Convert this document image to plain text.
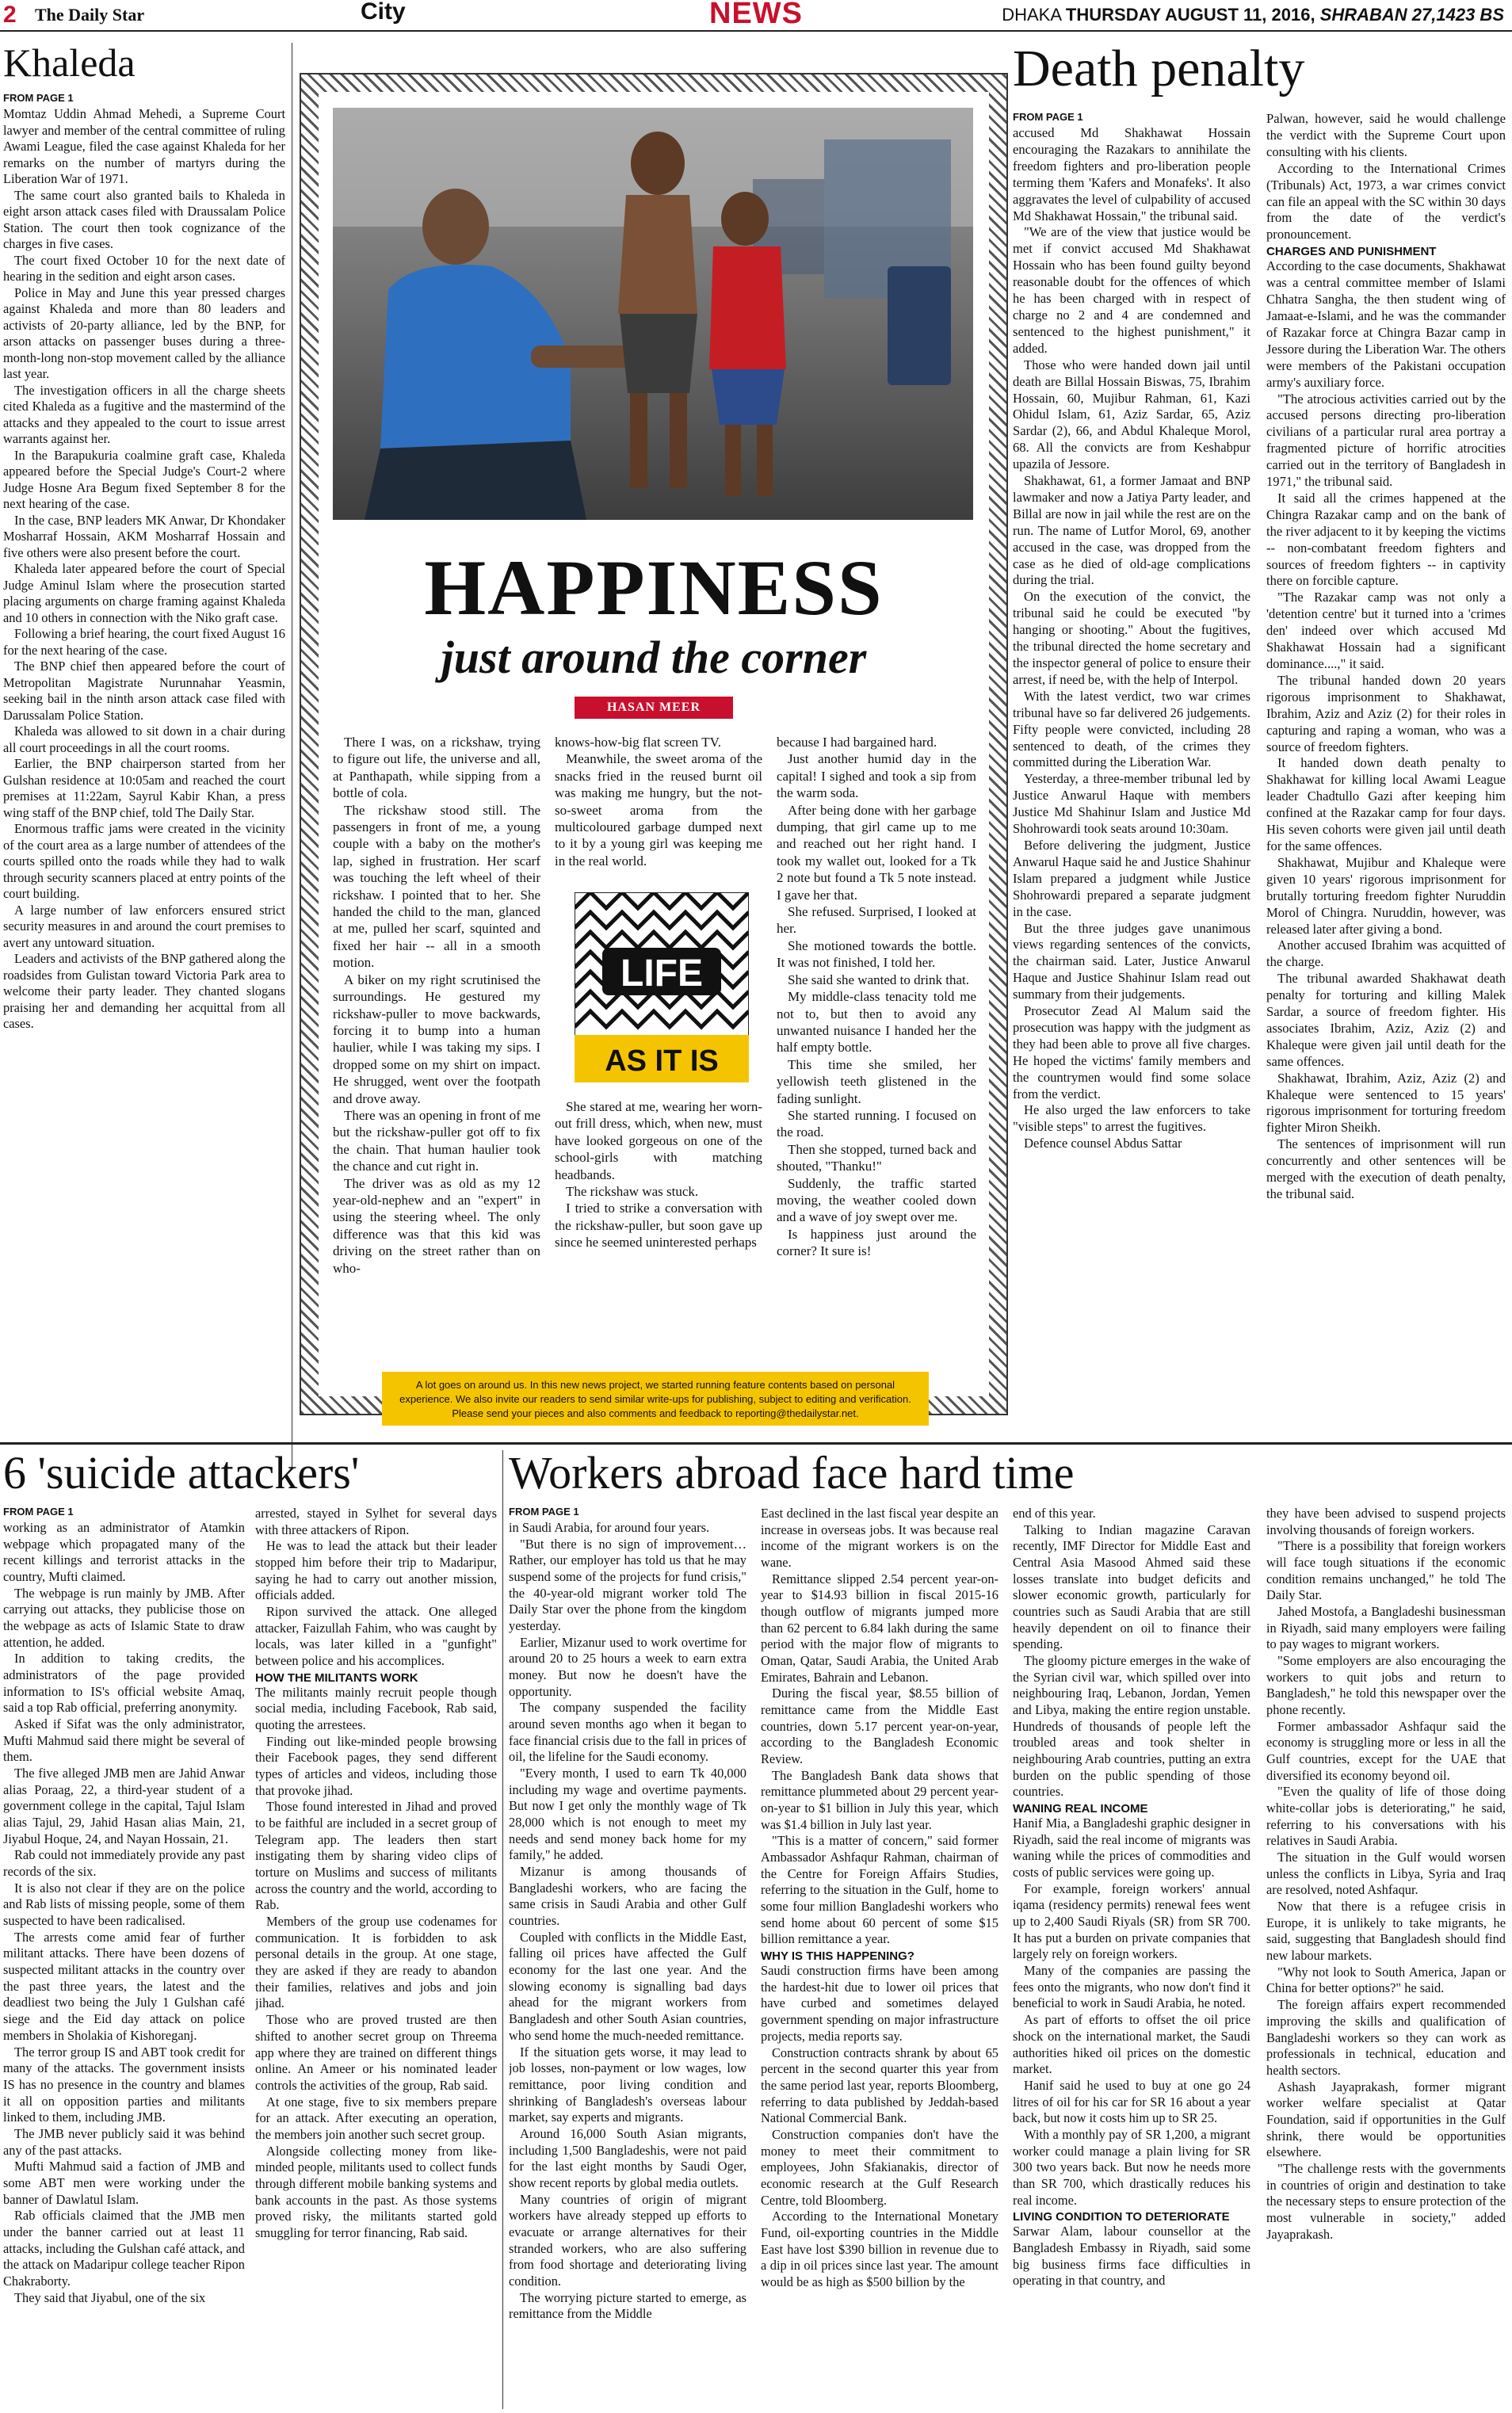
2 The Daily Star	City	NEWS	DHAKA THURSDAY AUGUST 11, 2016, SHRABAN 27,1423 BS
Khaleda
FROM PAGE 1

Momtaz Uddin Ahmad Mehedi, a Supreme Court lawyer and member of the central committee of ruling Awami League, filed the case against Khaleda for her remarks on the number of martyrs during the Liberation War of 1971.

The same court also granted bails to Khaleda in eight arson attack cases filed with Draussalam Police Station. The court then took cognizance of the charges in five cases.

The court fixed October 10 for the next date of hearing in the sedition and eight arson cases.

Police in May and June this year pressed charges against Khaleda and more than 80 leaders and activists of 20-party alliance, led by the BNP, for arson attacks on passenger buses during a three-month-long non-stop movement called by the alliance last year.

The investigation officers in all the charge sheets cited Khaleda as a fugitive and the mastermind of the attacks and they appealed to the court to issue arrest warrants against her.

In the Barapukuria coalmine graft case, Khaleda appeared before the Special Judge's Court-2 where Judge Hosne Ara Begum fixed September 8 for the next hearing of the case.

In the case, BNP leaders MK Anwar, Dr Khondaker Mosharraf Hossain, AKM Mosharraf Hossain and five others were also present before the court.

Khaleda later appeared before the court of Special Judge Aminul Islam where the prosecution started placing arguments on charge framing against Khaleda and 10 others in connection with the Niko graft case.

Following a brief hearing, the court fixed August 16 for the next hearing of the case.

The BNP chief then appeared before the court of Metropolitan Magistrate Nurunnahar Yeasmin, seeking bail in the ninth arson attack case filed with Darussalam Police Station.

Khaleda was allowed to sit down in a chair during all court proceedings in all the court rooms.

Earlier, the BNP chairperson started from her Gulshan residence at 10:05am and reached the court premises at 11:22am, Sayrul Kabir Khan, a press wing staff of the BNP chief, told The Daily Star.

Enormous traffic jams were created in the vicinity of the court area as a large number of attendees of the courts spilled onto the roads while they had to walk through security scanners placed at entry points of the court building.

A large number of law enforcers ensured strict security measures in and around the court premises to avert any untoward situation.

Leaders and activists of the BNP gathered along the roadsides from Gulistan toward Victoria Park area to welcome their party leader. They chanted slogans praising her and demanding her acquittal from all cases.

HAPPINESS
just around the corner
HASAN MEER

There I was, on a rickshaw, trying to figure out life, the universe and all, at Panthapath, while sipping from a bottle of cola.

The rickshaw stood still. The passengers in front of me, a young couple with a baby on the mother's lap, sighed in frustration. Her scarf was touching the left wheel of their rickshaw. I pointed that to her. She handed the child to the man, glanced at me, pulled her scarf, squinted and fixed her hair -- all in a smooth motion.

A biker on my right scrutinised the surroundings. He gestured my rickshaw-puller to move backwards, forcing it to bump into a human haulier, while I was taking my sips. I dropped some on my shirt on impact. He shrugged, went over the footpath and drove away.

There was an opening in front of me but the rickshaw-puller got off to fix the chain. That human haulier took the chance and cut right in.

The driver was as old as my 12 year-old-nephew and an "expert" in using the steering wheel. The only difference was that this kid was driving on the street rather than on who-

knows-how-big flat screen TV.

Meanwhile, the sweet aroma of the snacks fried in the reused burnt oil was making me hungry, but the not-so-sweet aroma from the multicoloured garbage dumped next to it by a young girl was keeping me in the real world.

LIFE
AS IT IS

She stared at me, wearing her worn-out frill dress, which, when new, must have looked gorgeous on one of the school-girls with matching headbands.

The rickshaw was stuck.

I tried to strike a conversation with the rickshaw-puller, but soon gave up since he seemed uninterested perhaps

because I had bargained hard.

Just another humid day in the capital! I sighed and took a sip from the warm soda.

After being done with her garbage dumping, that girl came up to me and reached out her right hand. I took my wallet out, looked for a Tk 2 note but found a Tk 5 note instead. I gave her that.

She refused. Surprised, I looked at her.

She motioned towards the bottle. It was not finished, I told her.

She said she wanted to drink that.

My middle-class tenacity told me not to, but then to avoid any unwanted nuisance I handed her the half empty bottle.

This time she smiled, her yellowish teeth glistened in the fading sunlight.

She started running. I focused on the road.

Then she stopped, turned back and shouted, "Thanku!"

Suddenly, the traffic started moving, the weather cooled down and a wave of joy swept over me.

Is happiness just around the corner? It sure is!

A lot goes on around us. In this new news project, we started running feature contents based on personal experience. We also invite our readers to send similar write-ups for publishing, subject to editing and verification. Please send your pieces and also comments and feedback to reporting@thedailystar.net.
Death penalty
FROM PAGE 1

accused Md Shakhawat Hossain encouraging the Razakars to annihilate the freedom fighters and pro-liberation people terming them 'Kafers and Monafeks'. It also aggravates the level of culpability of accused Md Shakhawat Hossain," the tribunal said.

"We are of the view that justice would be met if convict accused Md Shakhawat Hossain who has been found guilty beyond reasonable doubt for the offences of which he has been charged with in respect of charge no 2 and 4 are condemned and sentenced to the highest punishment," it added.

Those who were handed down jail until death are Billal Hossain Biswas, 75, Ibrahim Hossain, 60, Mujibur Rahman, 61, Kazi Ohidul Islam, 61, Aziz Sardar, 65, Aziz Sardar (2), 66, and Abdul Khaleque Morol, 68. All the convicts are from Keshabpur upazila of Jessore.

Shakhawat, 61, a former Jamaat and BNP lawmaker and now a Jatiya Party leader, and Billal are now in jail while the rest are on the run. The name of Lutfor Morol, 69, another accused in the case, was dropped from the case as he died of old-age complications during the trial.

On the execution of the convict, the tribunal said he could be executed "by hanging or shooting." About the fugitives, the tribunal directed the home secretary and the inspector general of police to ensure their arrest, if need be, with the help of Interpol.

With the latest verdict, two war crimes tribunal have so far delivered 26 judgements. Fifty people were convicted, including 28 sentenced to death, of the crimes they committed during the Liberation War.

Yesterday, a three-member tribunal led by Justice Anwarul Haque with members Justice Md Shahinur Islam and Justice Md Shohrowardi took seats around 10:30am.

Before delivering the judgment, Justice Anwarul Haque said he and Justice Shahinur Islam prepared a judgment while Justice Shohrowardi prepared a separate judgment in the case.

But the three judges gave unanimous views regarding sentences of the convicts, the chairman said. Later, Justice Anwarul Haque and Justice Shahinur Islam read out summary from their judgements.

Prosecutor Zead Al Malum said the prosecution was happy with the judgment as they had been able to prove all five charges. He hoped the victims' family members and the countrymen would find some solace from the verdict.

He also urged the law enforcers to take "visible steps" to arrest the fugitives.

Defence counsel Abdus Sattar

Palwan, however, said he would challenge the verdict with the Supreme Court upon consulting with his clients.

According to the International Crimes (Tribunals) Act, 1973, a war crimes convict can file an appeal with the SC within 30 days from the date of the verdict's pronouncement.

CHARGES AND PUNISHMENT

According to the case documents, Shakhawat was a central committee member of Islami Chhatra Sangha, the then student wing of Jamaat-e-Islami, and he was the commander of Razakar force at Chingra Bazar camp in Jessore during the Liberation War. The others were members of the Pakistani occupation army's auxiliary force.

"The atrocious activities carried out by the accused persons directing pro-liberation civilians of a particular rural area portray a fragmented picture of horrific atrocities carried out in the territory of Bangladesh in 1971," the tribunal said.

It said all the crimes happened at the Chingra Razakar camp and on the bank of the river adjacent to it by keeping the victims -- non-combatant freedom fighters and sources of freedom fighters -- in captivity there on forcible capture.

"The Razakar camp was not only a 'detention centre' but it turned into a 'crimes den' indeed over which accused Md Shakhawat Hossain had a significant dominance....," it said.

The tribunal handed down 20 years rigorous imprisonment to Shakhawat, Ibrahim, Aziz and Aziz (2) for their roles in capturing and raping a woman, who was a source of freedom fighters.

It handed down death penalty to Shakhawat for killing local Awami League leader Chadtullo Gazi after keeping him confined at the Razakar camp for four days. His seven cohorts were given jail until death for the same offences.

Shakhawat, Mujibur and Khaleque were given 10 years' rigorous imprisonment for brutally torturing freedom fighter Nuruddin Morol of Chingra. Nuruddin, however, was released later after giving a bond.

Another accused Ibrahim was acquitted of the charge.

The tribunal awarded Shakhawat death penalty for torturing and killing Malek Sardar, a source of freedom fighter. His associates Ibrahim, Aziz, Aziz (2) and Khaleque were given jail until death for the same offences.

Shakhawat, Ibrahim, Aziz, Aziz (2) and Khaleque were sentenced to 15 years' rigorous imprisonment for torturing freedom fighter Miron Sheikh.

The sentences of imprisonment will run concurrently and other sentences will be merged with the execution of death penalty, the tribunal said.

6 'suicide attackers'
FROM PAGE 1

working as an administrator of Atamkin webpage which propagated many of the recent killings and terrorist attacks in the country, Mufti claimed.

The webpage is run mainly by JMB. After carrying out attacks, they publicise those on the webpage as acts of Islamic State to draw attention, he added.

In addition to taking credits, the administrators of the page provided information to IS's official website Amaq, said a top Rab official, preferring anonymity.

Asked if Sifat was the only administrator, Mufti Mahmud said there might be several of them.

The five alleged JMB men are Jahid Anwar alias Poraag, 22, a third-year student of a government college in the capital, Tajul Islam alias Tajul, 29, Jahid Hasan alias Main, 21, Jiyabul Hoque, 24, and Nayan Hossain, 21.

Rab could not immediately provide any past records of the six.

It is also not clear if they are on the police and Rab lists of missing people, some of them suspected to have been radicalised.

The arrests come amid fear of further militant attacks. There have been dozens of suspected militant attacks in the country over the past three years, the latest and the deadliest two being the July 1 Gulshan café siege and the Eid day attack on police members in Sholakia of Kishoreganj.

The terror group IS and ABT took credit for many of the attacks. The government insists IS has no presence in the country and blames it all on opposition parties and militants linked to them, including JMB.

The JMB never publicly said it was behind any of the past attacks.

Mufti Mahmud said a faction of JMB and some ABT men were working under the banner of Dawlatul Islam.

Rab officials claimed that the JMB men under the banner carried out at least 11 attacks, including the Gulshan café attack, and the attack on Madaripur college teacher Ripon Chakraborty.

They said that Jiyabul, one of the six

arrested, stayed in Sylhet for several days with three attackers of Ripon.

He was to lead the attack but their leader stopped him before their trip to Madaripur, saying he had to carry out another mission, officials added.

Ripon survived the attack. One alleged attacker, Faizullah Fahim, who was caught by locals, was later killed in a "gunfight" between police and his accomplices.

HOW THE MILITANTS WORK

The militants mainly recruit people though social media, including Facebook, Rab said, quoting the arrestees.

Finding out like-minded people browsing their Facebook pages, they send different types of articles and videos, including those that provoke jihad.

Those found interested in Jihad and proved to be faithful are included in a secret group of Telegram app. The leaders then start instigating them by sharing video clips of torture on Muslims and success of militants across the country and the world, according to Rab.

Members of the group use codenames for communication. It is forbidden to ask personal details in the group. At one stage, they are asked if they are ready to abandon their families, relatives and jobs and join jihad.

Those who are proved trusted are then shifted to another secret group on Threema app where they are trained on different things online. An Ameer or his nominated leader controls the activities of the group, Rab said.

At one stage, five to six members prepare for an attack. After executing an operation, the members join another such secret group.

Alongside collecting money from like-minded people, militants used to collect funds through different mobile banking systems and bank accounts in the past. As those systems proved risky, the militants started gold smuggling for terror financing, Rab said.

Workers abroad face hard time
FROM PAGE 1

in Saudi Arabia, for around four years.

"But there is no sign of improvement… Rather, our employer has told us that he may suspend some of the projects for fund crisis," the 40-year-old migrant worker told The Daily Star over the phone from the kingdom yesterday.

Earlier, Mizanur used to work overtime for around 20 to 25 hours a week to earn extra money. But now he doesn't have the opportunity.

The company suspended the facility around seven months ago when it began to face financial crisis due to the fall in prices of oil, the lifeline for the Saudi economy.

"Every month, I used to earn Tk 40,000 including my wage and overtime payments. But now I get only the monthly wage of Tk 28,000 which is not enough to meet my needs and send money back home for my family," he added.

Mizanur is among thousands of Bangladeshi workers, who are facing the same crisis in Saudi Arabia and other Gulf countries.

Coupled with conflicts in the Middle East, falling oil prices have affected the Gulf economy for the last one year. And the slowing economy is signalling bad days ahead for the migrant workers from Bangladesh and other South Asian countries, who send home the much-needed remittance.

If the situation gets worse, it may lead to job losses, non-payment or low wages, low remittance, poor living condition and shrinking of Bangladesh's overseas labour market, say experts and migrants.

Around 16,000 South Asian migrants, including 1,500 Bangladeshis, were not paid for the last eight months by Saudi Oger, show recent reports by global media outlets.

Many countries of origin of migrant workers have already stepped up efforts to evacuate or arrange alternatives for their stranded workers, who are also suffering from food shortage and deteriorating living condition.

The worrying picture started to emerge, as remittance from the Middle

East declined in the last fiscal year despite an increase in overseas jobs. It was because real income of the migrant workers is on the wane.

Remittance slipped 2.54 percent year-on-year to $14.93 billion in fiscal 2015-16 though outflow of migrants jumped more than 62 percent to 6.84 lakh during the same period with the major flow of migrants to Oman, Qatar, Saudi Arabia, the United Arab Emirates, Bahrain and Lebanon.

During the fiscal year, $8.55 billion of remittance came from the Middle East countries, down 5.17 percent year-on-year, according to the Bangladesh Economic Review.

The Bangladesh Bank data shows that remittance plummeted about 29 percent year-on-year to $1 billion in July this year, which was $1.4 billion in July last year.

"This is a matter of concern," said former Ambassador Ashfaqur Rahman, chairman of the Centre for Foreign Affairs Studies, referring to the situation in the Gulf, home to some four million Bangladeshi workers who send home about 60 percent of some $15 billion remittance a year.

WHY IS THIS HAPPENING?

Saudi construction firms have been among the hardest-hit due to lower oil prices that have curbed and sometimes delayed government spending on major infrastructure projects, media reports say.

Construction contracts shrank by about 65 percent in the second quarter this year from the same period last year, reports Bloomberg, referring to data published by Jeddah-based National Commercial Bank.

Construction companies don't have the money to meet their commitment to employees, John Sfakianakis, director of economic research at the Gulf Research Centre, told Bloomberg.

According to the International Monetary Fund, oil-exporting countries in the Middle East have lost $390 billion in revenue due to a dip in oil prices since last year. The amount would be as high as $500 billion by the

end of this year.

Talking to Indian magazine Caravan recently, IMF Director for Middle East and Central Asia Masood Ahmed said these losses translate into budget deficits and slower economic growth, particularly for countries such as Saudi Arabia that are still heavily dependent on oil to finance their spending.

The gloomy picture emerges in the wake of the Syrian civil war, which spilled over into neighbouring Iraq, Lebanon, Jordan, Yemen and Libya, making the entire region unstable. Hundreds of thousands of people left the troubled areas and took shelter in neighbouring Arab countries, putting an extra burden on the public spending of those countries.

WANING REAL INCOME

Hanif Mia, a Bangladeshi graphic designer in Riyadh, said the real income of migrants was waning while the prices of commodities and costs of public services were going up.

For example, foreign workers' annual iqama (residency permits) renewal fees went up to 2,400 Saudi Riyals (SR) from SR 700. It has put a burden on private companies that largely rely on foreign workers.

Many of the companies are passing the fees onto the migrants, who now don't find it beneficial to work in Saudi Arabia, he noted.

As part of efforts to offset the oil price shock on the international market, the Saudi authorities hiked oil prices on the domestic market.

Hanif said he used to buy at one go 24 litres of oil for his car for SR 16 about a year back, but now it costs him up to SR 25.

With a monthly pay of SR 1,200, a migrant worker could manage a plain living for SR 300 two years back. But now he needs more than SR 700, which drastically reduces his real income.

LIVING CONDITION TO DETERIORATE

Sarwar Alam, labour counsellor at the Bangladesh Embassy in Riyadh, said some big business firms face difficulties in operating in that country, and

they have been advised to suspend projects involving thousands of foreign workers.

"There is a possibility that foreign workers will face tough situations if the economic condition remains unchanged," he told The Daily Star.

Jahed Mostofa, a Bangladeshi businessman in Riyadh, said many employers were failing to pay wages to migrant workers.

"Some employers are also encouraging the workers to quit jobs and return to Bangladesh," he told this newspaper over the phone recently.

Former ambassador Ashfaqur said the economy is struggling more or less in all the Gulf countries, except for the UAE that diversified its economy beyond oil.

"Even the quality of life of those doing white-collar jobs is deteriorating," he said, referring to his conversations with his relatives in Saudi Arabia.

The situation in the Gulf would worsen unless the conflicts in Libya, Syria and Iraq are resolved, noted Ashfaqur.

Now that there is a refugee crisis in Europe, it is unlikely to take migrants, he said, suggesting that Bangladesh should find new labour markets.

"Why not look to South America, Japan or China for better options?" he said.

The foreign affairs expert recommended improving the skills and qualification of Bangladeshi workers so they can work as professionals in technical, education and health sectors.

Ashash Jayaprakash, former migrant worker welfare specialist at Qatar Foundation, said if opportunities in the Gulf shrink, there would be opportunities elsewhere.

"The challenge rests with the governments in countries of origin and destination to take the necessary steps to ensure protection of the most vulnerable in society," added Jayaprakash.
